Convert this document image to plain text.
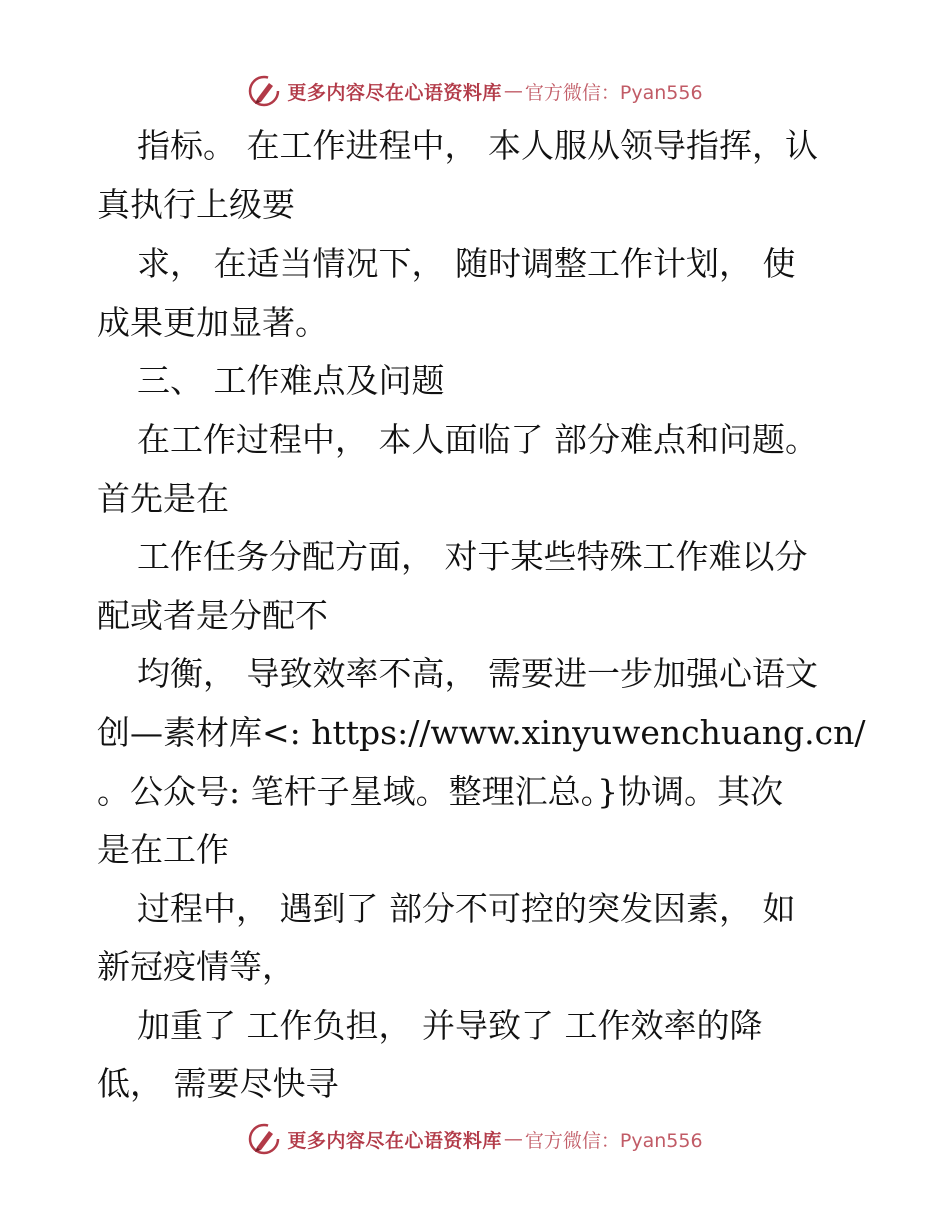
更多内容尽在心语资料库 — 官方微信：Pyan556
指标。 在工作进程中， 本人服从领导指挥，认
真执行上级要
求， 在适当情况下， 随时调整工作计划， 使
成果更加显著。
三、 工作难点及问题
在工作过程中， 本人面临了 部分难点和问题。
首先是在
工作任务分配方面， 对于某些特殊工作难以分
配或者是分配不
均衡， 导致效率不高， 需要进一步加强心语文
创—素材库<: https://www.xinyuwenchuang.cn/
。公众号: 笔杆子星域。整理汇总。}协调。其次
是在工作
过程中， 遇到了 部分不可控的突发因素， 如
新冠疫情等，
加重了 工作负担， 并导致了 工作效率的降
低， 需要尽快寻
更多内容尽在心语资料库 — 官方微信：Pyan556
